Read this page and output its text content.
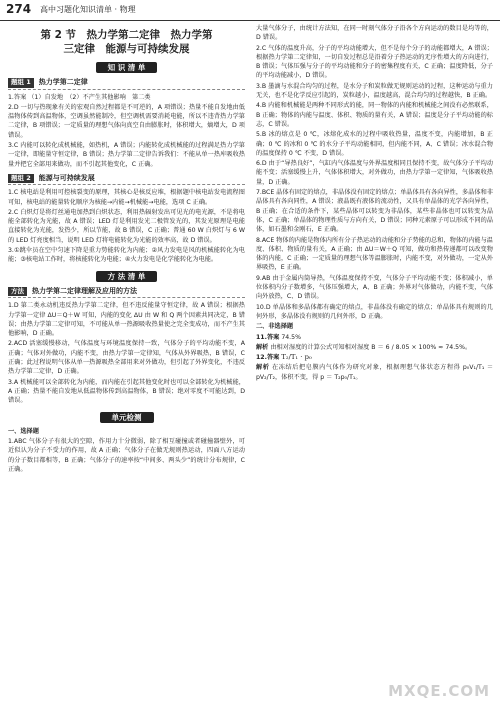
274 高中习题化知识清单 · 物理
第 2 节　热力学第二定律　热力学第
三定律　能源与可持续发展
知 识 清 单
题组 1	热力学第二定律

1.答案 （1）自发地　（2）不产生其他影响　第二类

2.D 一切与热现象有关的宏观自然过程都是不可逆的，A 项错误；热量不能自发地由低温物体传到高温物体，空调虽然能制冷，但空调机需要消耗电能，所以不违背热力学第二定律，B 项错误；一定质量的理想气体向真空自由膨胀时，体积增大，熵增大，D 项错误。

3.C 内能可以转化成机械能，如热机，A 错误；内能转化成机械能的过程满足热力学第一定律，即能量守恒定律，B 错误；热力学第二定律告诉我们：不能从单一热库吸收热量并把它全部用来做功，而不引起其他变化，C 正确。

题组 2	能源与可持续发展

1.C 核电站是利用可控核裂变的原理，其核心是核反应堆，根据题中核电站发电流程图可知，核电站的能量转化顺序为核能→内能→机械能→电能，选项 C 正确。

2.C 白炽灯是将灯丝通电加热到白炽状态，利用热辐射发出可见光的电光源，不是将电能全部转化为光能，故 A 错误；LED 灯是利用发光二极管发光的，其发光原理是电能直接转化为光能，发热少，所以节能，故 B 错误，C 正确；普通 60 W 白炽灯与 6 W 的 LED 灯亮度相当，说明 LED 灯将电能转化为光能的效率高，故 D 错误。

3.①跳伞员在空中匀速下降是重力势能转化为内能；②风力发电是风的机械能转化为电能；③核电站工作时，将核能转化为电能；④火力发电是化学能转化为电能。

方 法 清 单
方法	热力学第二定律理解及应用的方法

1.D 第二类永动机违反热力学第二定律，但不违反能量守恒定律，故 A 错误；根据热力学第一定律 ΔU＝Q＋W 可知，内能的变化 ΔU 由 W 和 Q 两个因素共同决定，B 错误；由热力学第二定律可知，不可能从单一热源吸收热量使之完全变成功，而不产生其他影响，D 正确。

2.ACD 活塞缓慢移动，气体温度与环境温度保持一致，气体分子的平均动能不变，A 正确；气体对外做功，内能不变，由热力学第一定律知，气体从外界吸热，B 错误，C 正确；此过程说明气体从单一热源吸热全部用来对外做功，但引起了外界变化，不违反热力学第二定律，D 正确。

3.A 机械能可以全部转化为内能，而内能在引起其他变化时也可以全部转化为机械能，A 正确；热量不能自发地从低温物体传到高温物体，B 错误；绝对零度不可能达到，D 错误。

单元检测

一、选择题

1.ABC 气体分子有很大的空隙，作用力十分微弱，除了相互碰撞或者碰撞器壁外，可近似认为分子不受力的作用，故 A 正确；气体分子在做无规则热运动，四面八方运动的分子数目都相等，B 正确；气体分子的速率按“中间多、两头少”的统计分布规律，C 正确。

大量气体分子，由统计方法知，在同一时刻气体分子沿各个方向运动的数目是均等的，D 错误。

2.C 气体的温度升高，分子的平均动能增大，但不是每个分子的动能都增大，A 错误；根据热力学第二定律知，一切自发过程总是沿着分子热运动的无序性增大的方向进行，B 错误；气体压强与分子的平均动能和分子的密集程度有关，C 正确；温度降低，分子的平均动能减小，D 错误。

3.B 墨滴与水混合均匀的过程，是水分子和炭粒做无规则运动的过程，这种运动与重力无关，也不是化学反应引起的，炭粒越小，温度越高，混合均匀的过程越快，B 正确。

4.B 内能和机械能是两种不同形式的能，同一物体的内能和机械能之间没有必然联系，B 正确；物体的内能与温度、体积、物质的量有关，A 错误；温度是分子平均动能的标志，C 错误。

5.B 冰的熔点是 0 ℃，冰熔化成水的过程中吸收热量，温度不变，内能增加，B 正确；0 ℃ 的冰和 0 ℃ 的水分子平均动能相同，但内能不同，A、C 错误；冰水混合物的温度保持 0 ℃ 不变，D 错误。

6.D 由于“导热良好”，气缸内气体温度与外界温度相同且保持不变，故气体分子平均动能不变；活塞缓慢上升，气体体积增大，对外做功，由热力学第一定律知，气体吸收热量，D 正确。

7.BCE 晶体有固定的熔点，非晶体没有固定的熔点；单晶体具有各向异性，多晶体和非晶体具有各向同性，A 错误；液晶既有液体的流动性，又具有单晶体的光学各向异性，B 正确；在合适的条件下，某些晶体可以转变为非晶体，某些非晶体也可以转变为晶体，C 正确；单晶体的物理性质与方向有关，D 错误；同种元素原子可以形成不同的晶体，如石墨和金刚石，E 正确。

8.ACE 物体的内能是物体内所有分子热运动的动能和分子势能的总和，物体的内能与温度、体积、物质的量有关，A 正确；由 ΔU＝W＋Q 可知，做功和热传递都可以改变物体的内能，C 正确；一定质量的理想气体等温膨胀时，内能不变，对外做功，一定从外界吸热，E 正确。

9.AB 由于金属内筒导热，气体温度保持不变，气体分子平均动能不变；体积减小，单位体积内分子数增多，气体压强增大，A、B 正确；外界对气体做功，内能不变，气体向外放热，C、D 错误。

10.D 单晶体和多晶体都有确定的熔点，非晶体没有确定的熔点；单晶体具有规则的几何外形，多晶体没有规则的几何外形，D 正确。

二、非选择题

11.答案 74.5%

解析 由相对湿度的计算公式可知相对湿度 B ＝ 6 / 8.05 × 100% ≈ 74.5%。

12.答案 T₂/T₁ · p₀

解析 在冻结后把皂膜内气体作为研究对象，根据理想气体状态方程得 p₀V₁/T₁ ＝ pV₂/T₂，体积不变，得 p ＝ T₂p₀/T₁。

MXQE.COM
